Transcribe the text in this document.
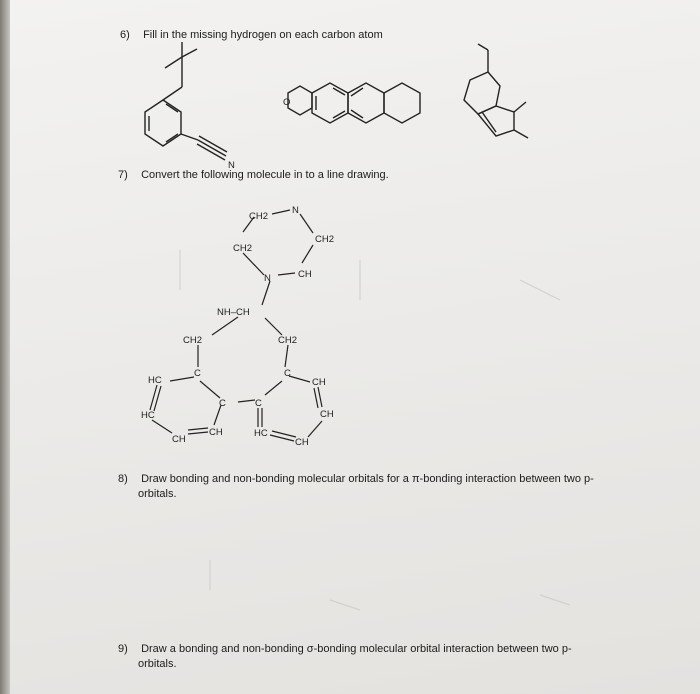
6) Fill in the missing hydrogen on each carbon atom
N
O
7) Convert the following molecule in to a line drawing.
CH2
N
CH2
CH2
N	CH
NH–CH
CH2	CH2
HC
C	C
C	C
CH
HC	CH
CH
CH	HC
CH
8) Draw bonding and non-bonding molecular orbitals for a π-bonding interaction between two p-
orbitals.
9) Draw a bonding and non-bonding σ-bonding molecular orbital interaction between two p-
orbitals.
